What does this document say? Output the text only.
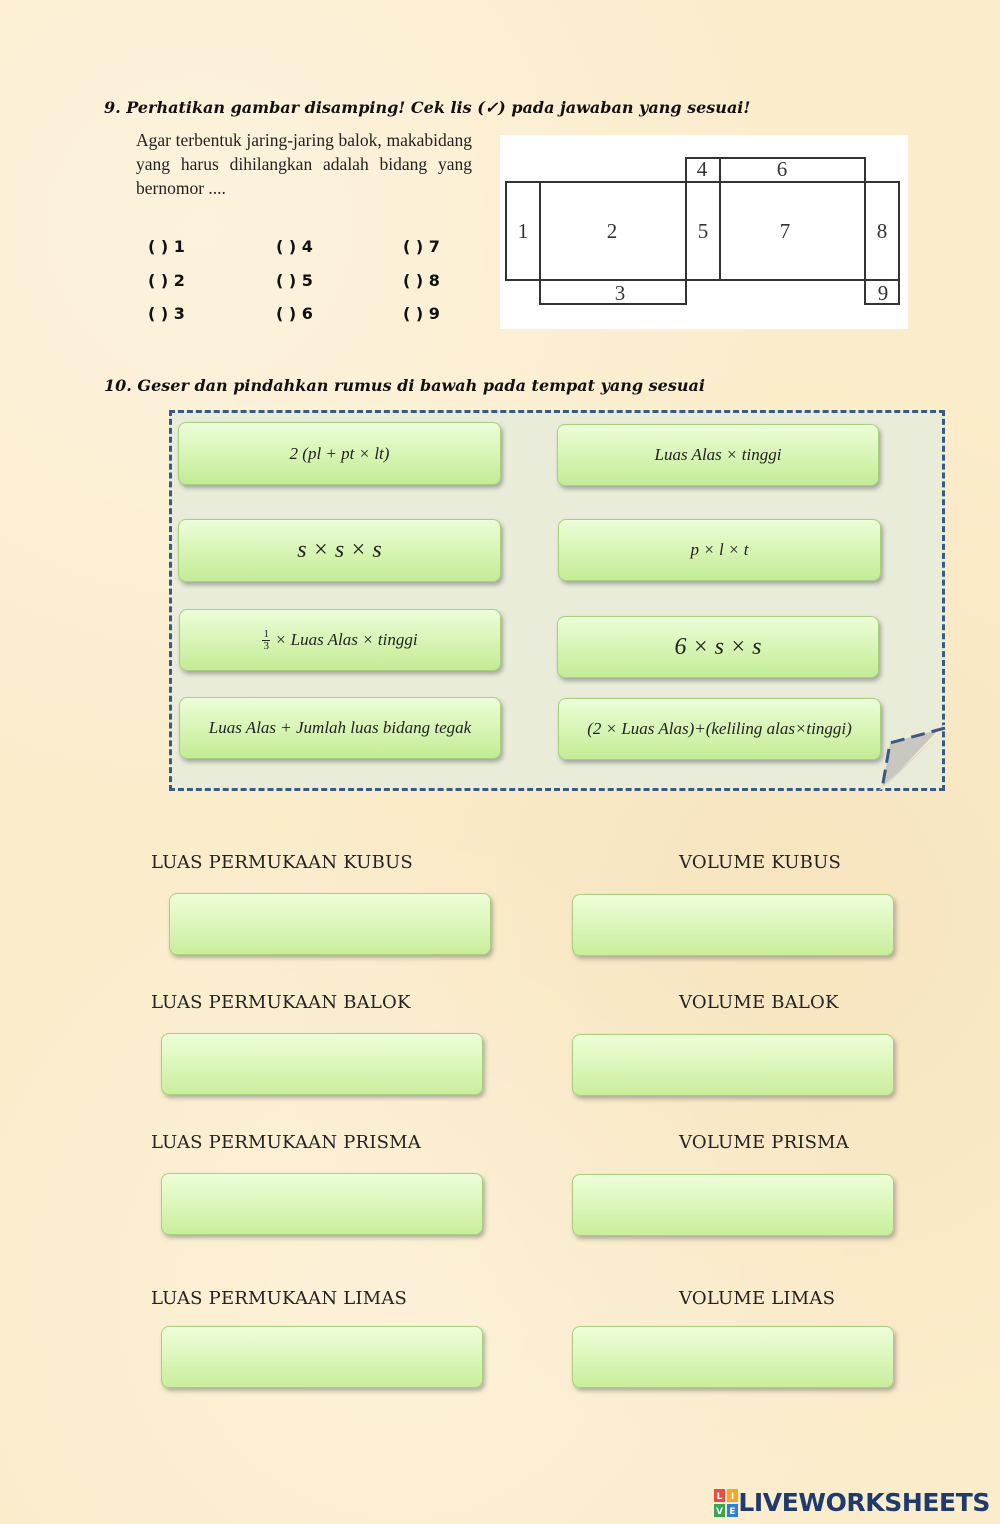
9. Perhatikan gambar disamping! Cek lis (✓) pada jawaban yang sesuai!
Agar terbentuk jaring-jaring balok, makabidang yang harus dihilangkan adalah bidang yang bernomor ....
( ) 1	( ) 4	( ) 7
( ) 2	( ) 5	( ) 8
( ) 3	( ) 6	( ) 9
1	2
3
4
5
6
7	8
9
10. Geser dan pindahkan rumus di bawah pada tempat yang sesuai
2 (pl + pt × lt)	Luas Alas × tinggi
s × s × s	p × l × t
$\frac{1}{3}$ × Luas Alas × tinggi	6 × s × s
Luas Alas + Jumlah luas bidang tegak	(2 × Luas Alas)+(keliling alas×tinggi)
LUAS PERMUKAAN KUBUS	VOLUME KUBUS
LUAS PERMUKAAN BALOK	VOLUME BALOK
LUAS PERMUKAAN PRISMA	VOLUME PRISMA
LUAS PERMUKAAN LIMAS	VOLUME LIMAS
L I
V E LIVEWORKSHEETS
